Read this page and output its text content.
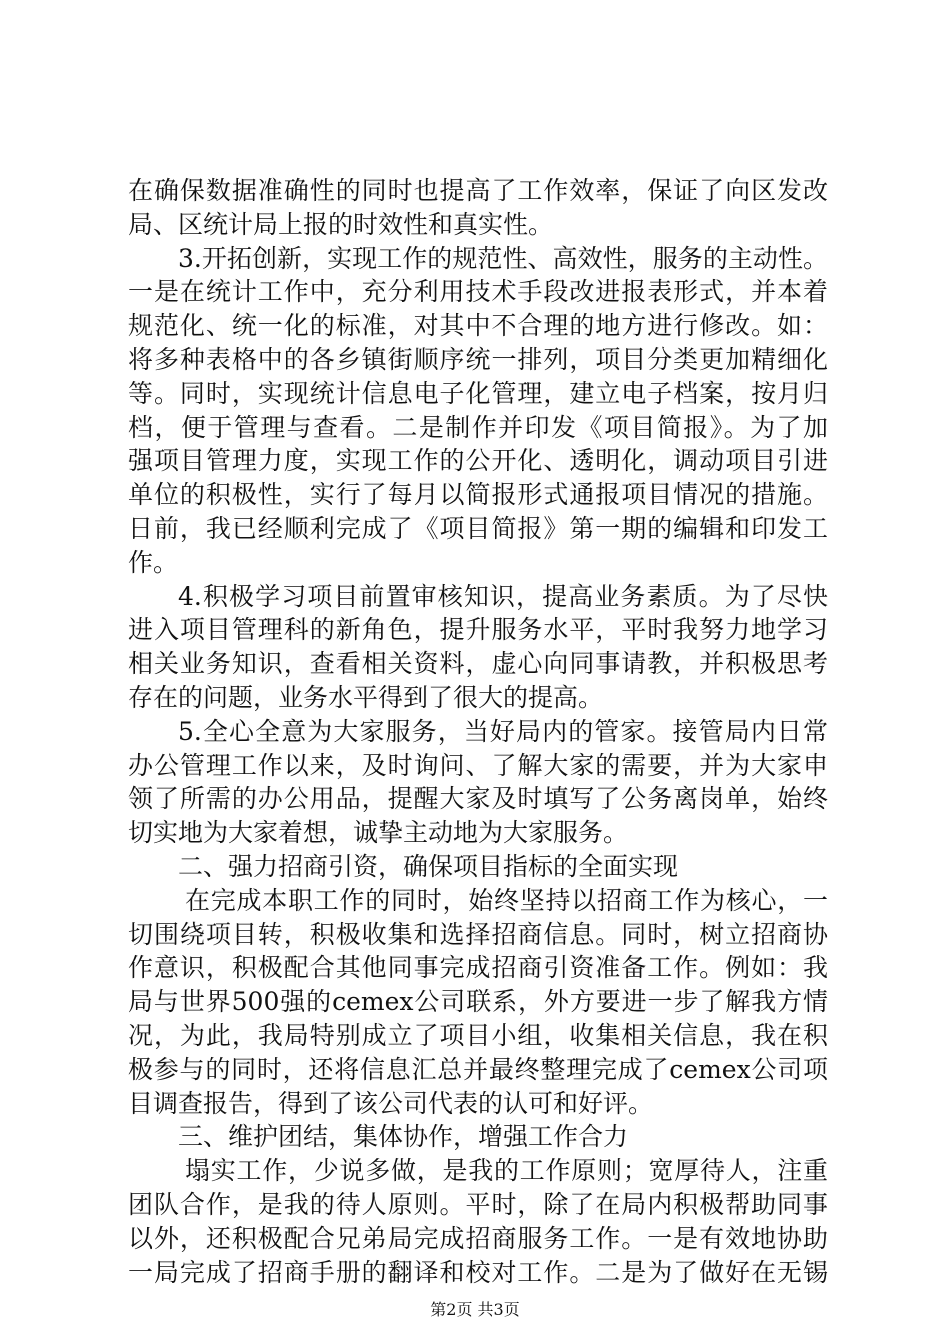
在确保数据准确性的同时也提高了工作效率，保证了向区发改
局、区统计局上报的时效性和真实性。
3.开拓创新，实现工作的规范性、高效性，服务的主动性。
一是在统计工作中，充分利用技术手段改进报表形式，并本着
规范化、统一化的标准，对其中不合理的地方进行修改。如：
将多种表格中的各乡镇街顺序统一排列，项目分类更加精细化
等。同时，实现统计信息电子化管理，建立电子档案，按月归
档，便于管理与查看。二是制作并印发《项目简报》。为了加
强项目管理力度，实现工作的公开化、透明化，调动项目引进
单位的积极性，实行了每月以简报形式通报项目情况的措施。
日前，我已经顺利完成了《项目简报》第一期的编辑和印发工
作。
4.积极学习项目前置审核知识，提高业务素质。为了尽快
进入项目管理科的新角色，提升服务水平，平时我努力地学习
相关业务知识，查看相关资料，虚心向同事请教，并积极思考
存在的问题，业务水平得到了很大的提高。
5.全心全意为大家服务，当好局内的管家。接管局内日常
办公管理工作以来，及时询问、了解大家的需要，并为大家申
领了所需的办公用品，提醒大家及时填写了公务离岗单，始终
切实地为大家着想，诚挚主动地为大家服务。
二、强力招商引资，确保项目指标的全面实现
在完成本职工作的同时，始终坚持以招商工作为核心，一
切围绕项目转，积极收集和选择招商信息。同时，树立招商协
作意识，积极配合其他同事完成招商引资准备工作。例如：我
局与世界500强的cemex公司联系，外方要进一步了解我方情
况，为此，我局特别成立了项目小组，收集相关信息，我在积
极参与的同时，还将信息汇总并最终整理完成了cemex公司项
目调查报告，得到了该公司代表的认可和好评。
三、维护团结，集体协作，增强工作合力
塌实工作，少说多做，是我的工作原则；宽厚待人，注重
团队合作，是我的待人原则。平时，除了在局内积极帮助同事
以外，还积极配合兄弟局完成招商服务工作。一是有效地协助
一局完成了招商手册的翻译和校对工作。二是为了做好在无锡
第2页 共3页
